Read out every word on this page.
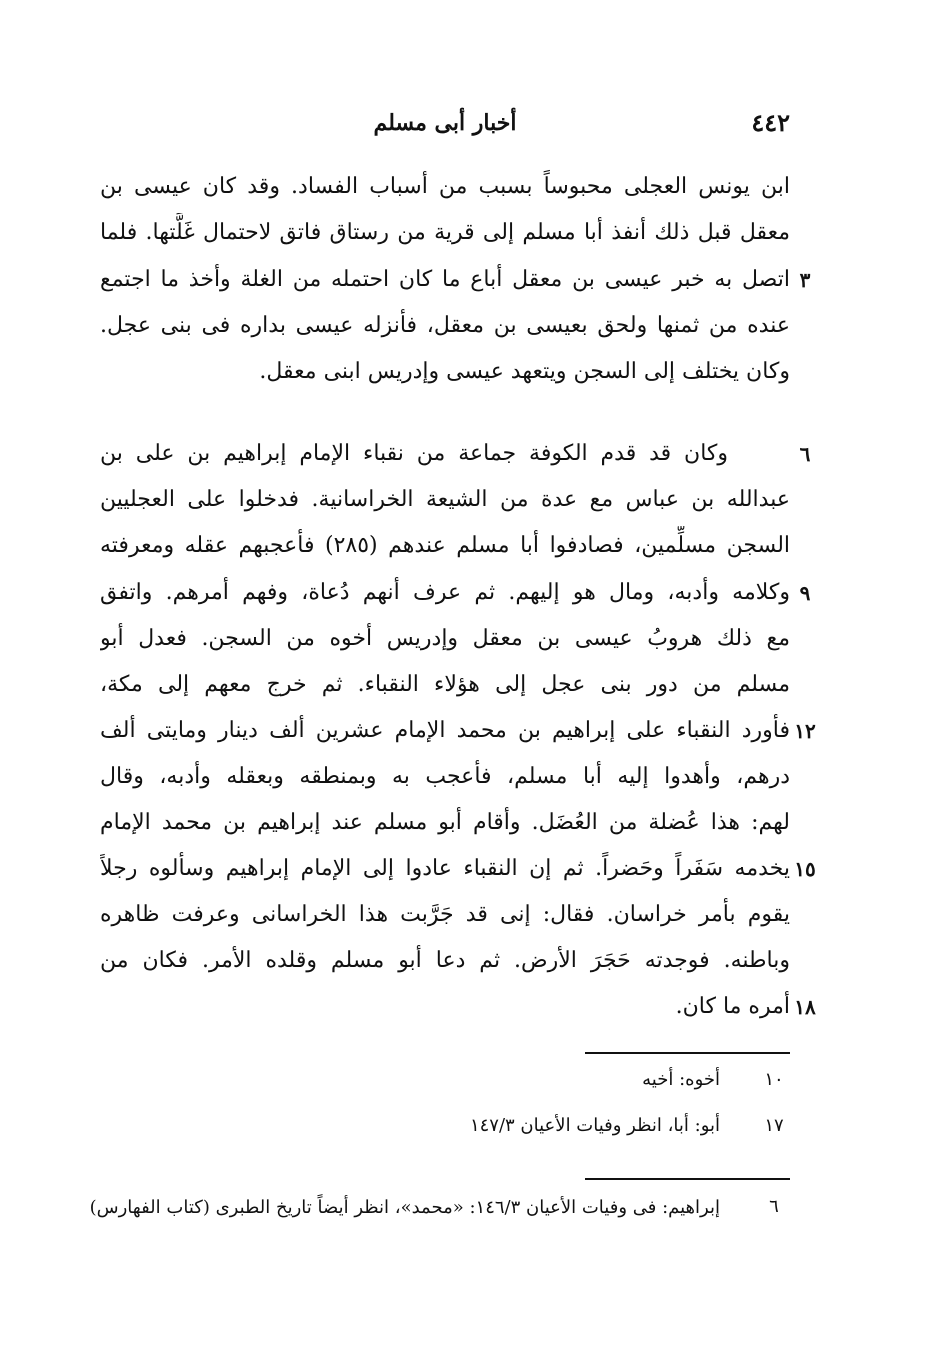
٤٤٢
أخبار أبى مسلم
ابن يونس العجلى محبوساً بسبب من أسباب الفساد. وقد كان عيسى بن
معقل قبل ذلك أنفذ أبا مسلم إلى قرية من رستاق فاتق لاحتمال غَلَّتها. فلما
٣
اتصل به خبر عيسى بن معقل أباع ما كان احتمله من الغلة وأخذ ما اجتمع
عنده من ثمنها ولحق بعيسى بن معقل، فأنزله عيسى بداره فى بنى عجل.
وكان يختلف إلى السجن ويتعهد عيسى وإدريس ابنى معقل.
٦
وكان قد قدم الكوفة جماعة من نقباء الإمام إبراهيم بن على بن
عبدالله بن عباس مع عدة من الشيعة الخراسانية. فدخلوا على العجليين
السجن مسلِّمين، فصادفوا أبا مسلم عندهم (٢٨٥) فأعجبهم عقله ومعرفته
٩
وكلامه وأدبه، ومال هو إليهم. ثم عرف أنهم دُعاة، وفهم أمرهم. واتفق
مع ذلك هروبُ عيسى بن معقل وإدريس أخوه من السجن. فعدل أبو
مسلم من دور بنى عجل إلى هؤلاء النقباء. ثم خرج معهم إلى مكة،
١٢
فأورد النقباء على إبراهيم بن محمد الإمام عشرين ألف دينار ومايتى ألف
درهم، وأهدوا إليه أبا مسلم، فأعجب به وبمنطقه وبعقله وأدبه، وقال
لهم: هذا عُضلة من العُضَل. وأقام أبو مسلم عند إبراهيم بن محمد الإمام
١٥
يخدمه سَفَراً وحَضراً. ثم إن النقباء عادوا إلى الإمام إبراهيم وسألوه رجلاً
يقوم بأمر خراسان. فقال: إنى قد جَرَّبت هذا الخراسانى وعرفت ظاهره
وباطنه. فوجدته حَجَرَ الأرض. ثم دعا أبو مسلم وقلده الأمر. فكان من
١٨
أمره ما كان.
١٠
أخوه: أخيه
١٧
أبو: أبا، انظر وفيات الأعيان ١٤٧/٣
٦
إبراهيم: فى وفيات الأعيان ١٤٦/٣: «محمد»، انظر أيضاً تاريخ الطبرى (كتاب الفهارس)
